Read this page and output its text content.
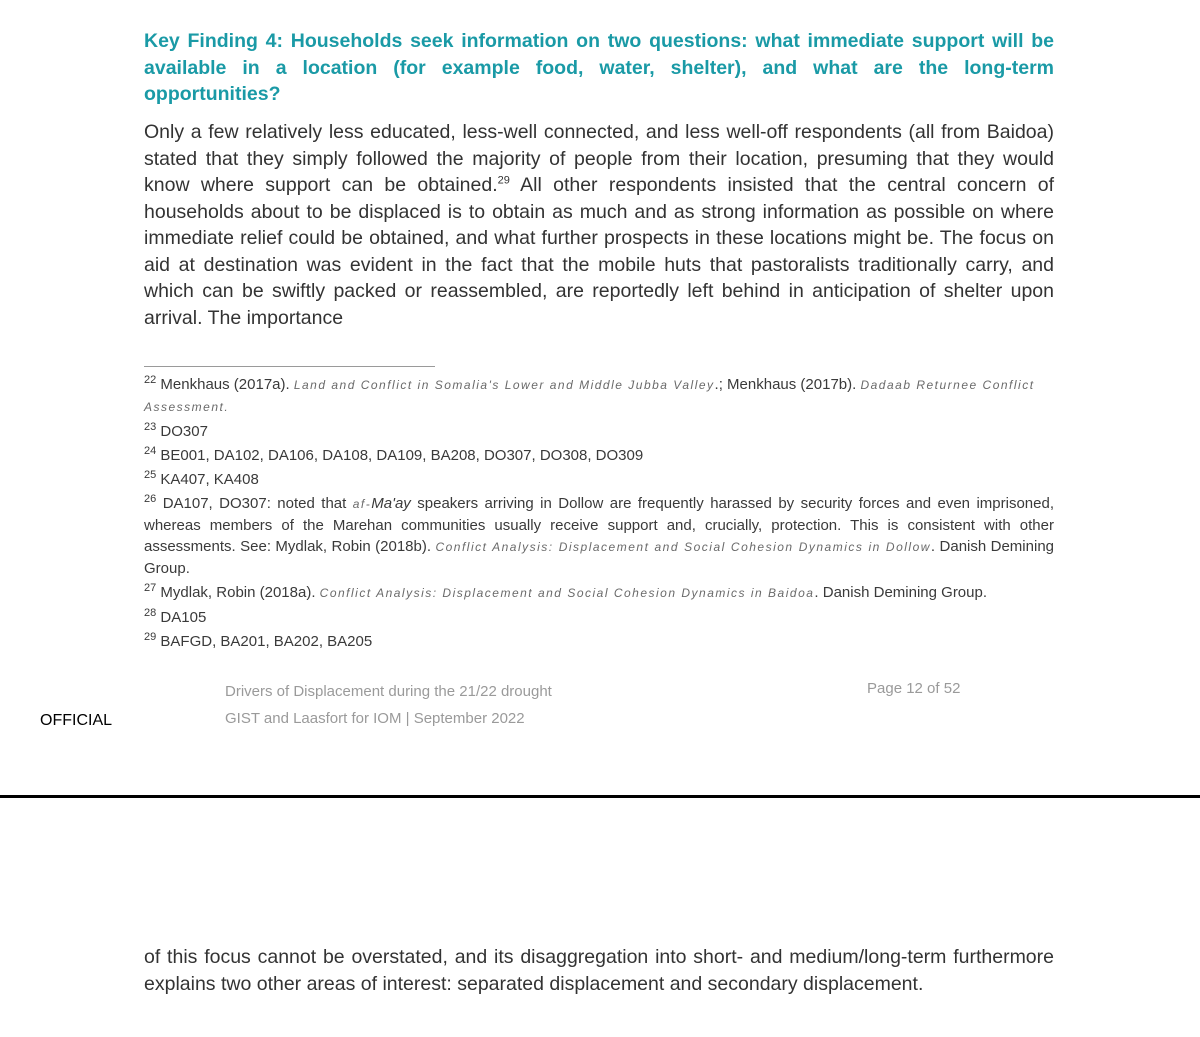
Key Finding 4: Households seek information on two questions: what immediate support will be available in a location (for example food, water, shelter), and what are the long-term opportunities?

Only a few relatively less educated, less-well connected, and less well-off respondents (all from Baidoa) stated that they simply followed the majority of people from their location, presuming that they would know where support can be obtained.$^{29}$ All other respondents insisted that the central concern of households about to be displaced is to obtain as much and as strong information as possible on where immediate relief could be obtained, and what further prospects in these locations might be. The focus on aid at destination was evident in the fact that the mobile huts that pastoralists traditionally carry, and which can be swiftly packed or reassembled, are reportedly left behind in anticipation of shelter upon arrival. The importance

$^{22}$ Menkhaus (2017a). Land and Conflict in Somalia's Lower and Middle Jubba Valley.; Menkhaus (2017b). Dadaab Returnee Conflict Assessment.

$^{23}$ DO307

$^{24}$ BE001, DA102, DA106, DA108, DA109, BA208, DO307, DO308, DO309

$^{25}$ KA407, KA408

$^{26}$ DA107, DO307: noted that af-Ma'ay speakers arriving in Dollow are frequently harassed by security forces and even imprisoned, whereas members of the Marehan communities usually receive support and, crucially, protection. This is consistent with other assessments. See: Mydlak, Robin (2018b). Conflict Analysis: Displacement and Social Cohesion Dynamics in Dollow. Danish Demining Group.

$^{27}$ Mydlak, Robin (2018a). Conflict Analysis: Displacement and Social Cohesion Dynamics in Baidoa. Danish Demining Group.

$^{28}$ DA105

$^{29}$ BAFGD, BA201, BA202, BA205

Drivers of Displacement during the 21/22 drought
GIST and Laasfort for IOM | September 2022
Page 12 of 52
OFFICIAL

of this focus cannot be overstated, and its disaggregation into short- and medium/long-term furthermore explains two other areas of interest: separated displacement and secondary displacement.
